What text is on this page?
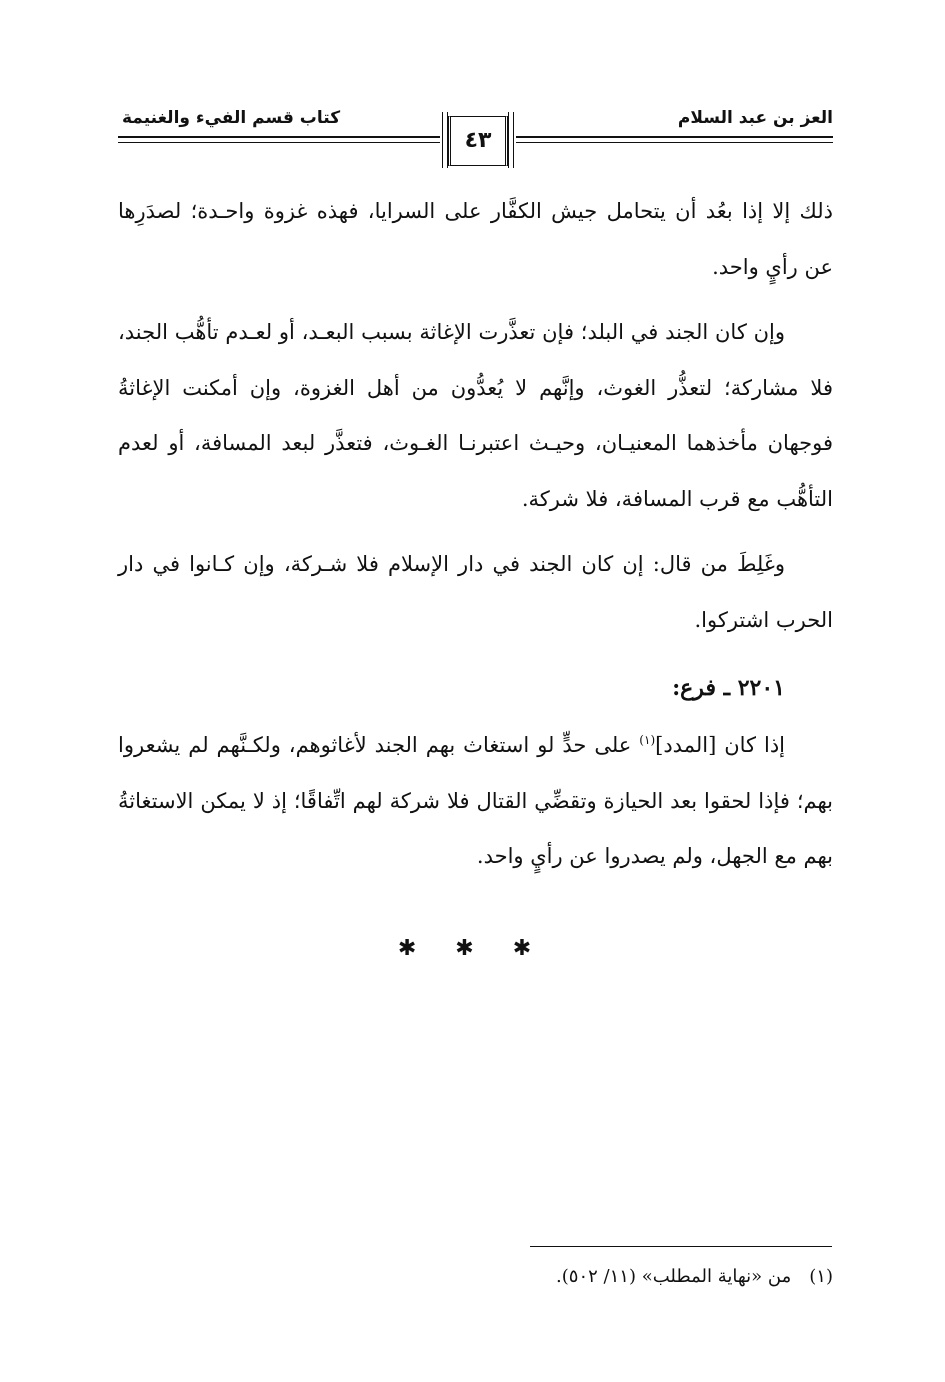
العز بن عبد السلام
كتاب قسم الفيء والغنيمة
٤٣

ذلك إلا إذا بعُد أن يتحامل جيش الكفَّار على السرايا، فهذه غزوة واحـدة؛ لصدَرِها عن رأيٍ واحد.

وإن كان الجند في البلد؛ فإن تعذَّرت الإغاثة بسبب البعـد، أو لعـدم تأهُّب الجند، فلا مشاركة؛ لتعذُّر الغوث، وإنَّهم لا يُعدُّون من أهل الغزوة، وإن أمكنت الإغاثةُ فوجهان مأخذهما المعنيـان، وحيـث اعتبرنـا الغـوث، فتعذَّر لبعد المسافة، أو لعدم التأهُّب مع قرب المسافة، فلا شركة.

وغَلِطَ من قال: إن كان الجند في دار الإسلام فلا شـركة، وإن كـانوا في دار الحرب اشتركوا.

٢٢٠١ ـ فرع:

إذا كان [المدد]$^{(١)}$ على حدٍّ لو استغاث بهم الجند لأغاثوهم، ولكـنَّهم لم يشعروا بهم؛ فإذا لحقوا بعد الحيازة وتقضِّي القتال فلا شركة لهم اتِّفاقًا؛ إذ لا يمكن الاستغاثةُ بهم مع الجهل، ولم يصدروا عن رأيٍ واحد.

✱ ✱ ✱
(١)من «نهاية المطلب» (١١/ ٥٠٢).
